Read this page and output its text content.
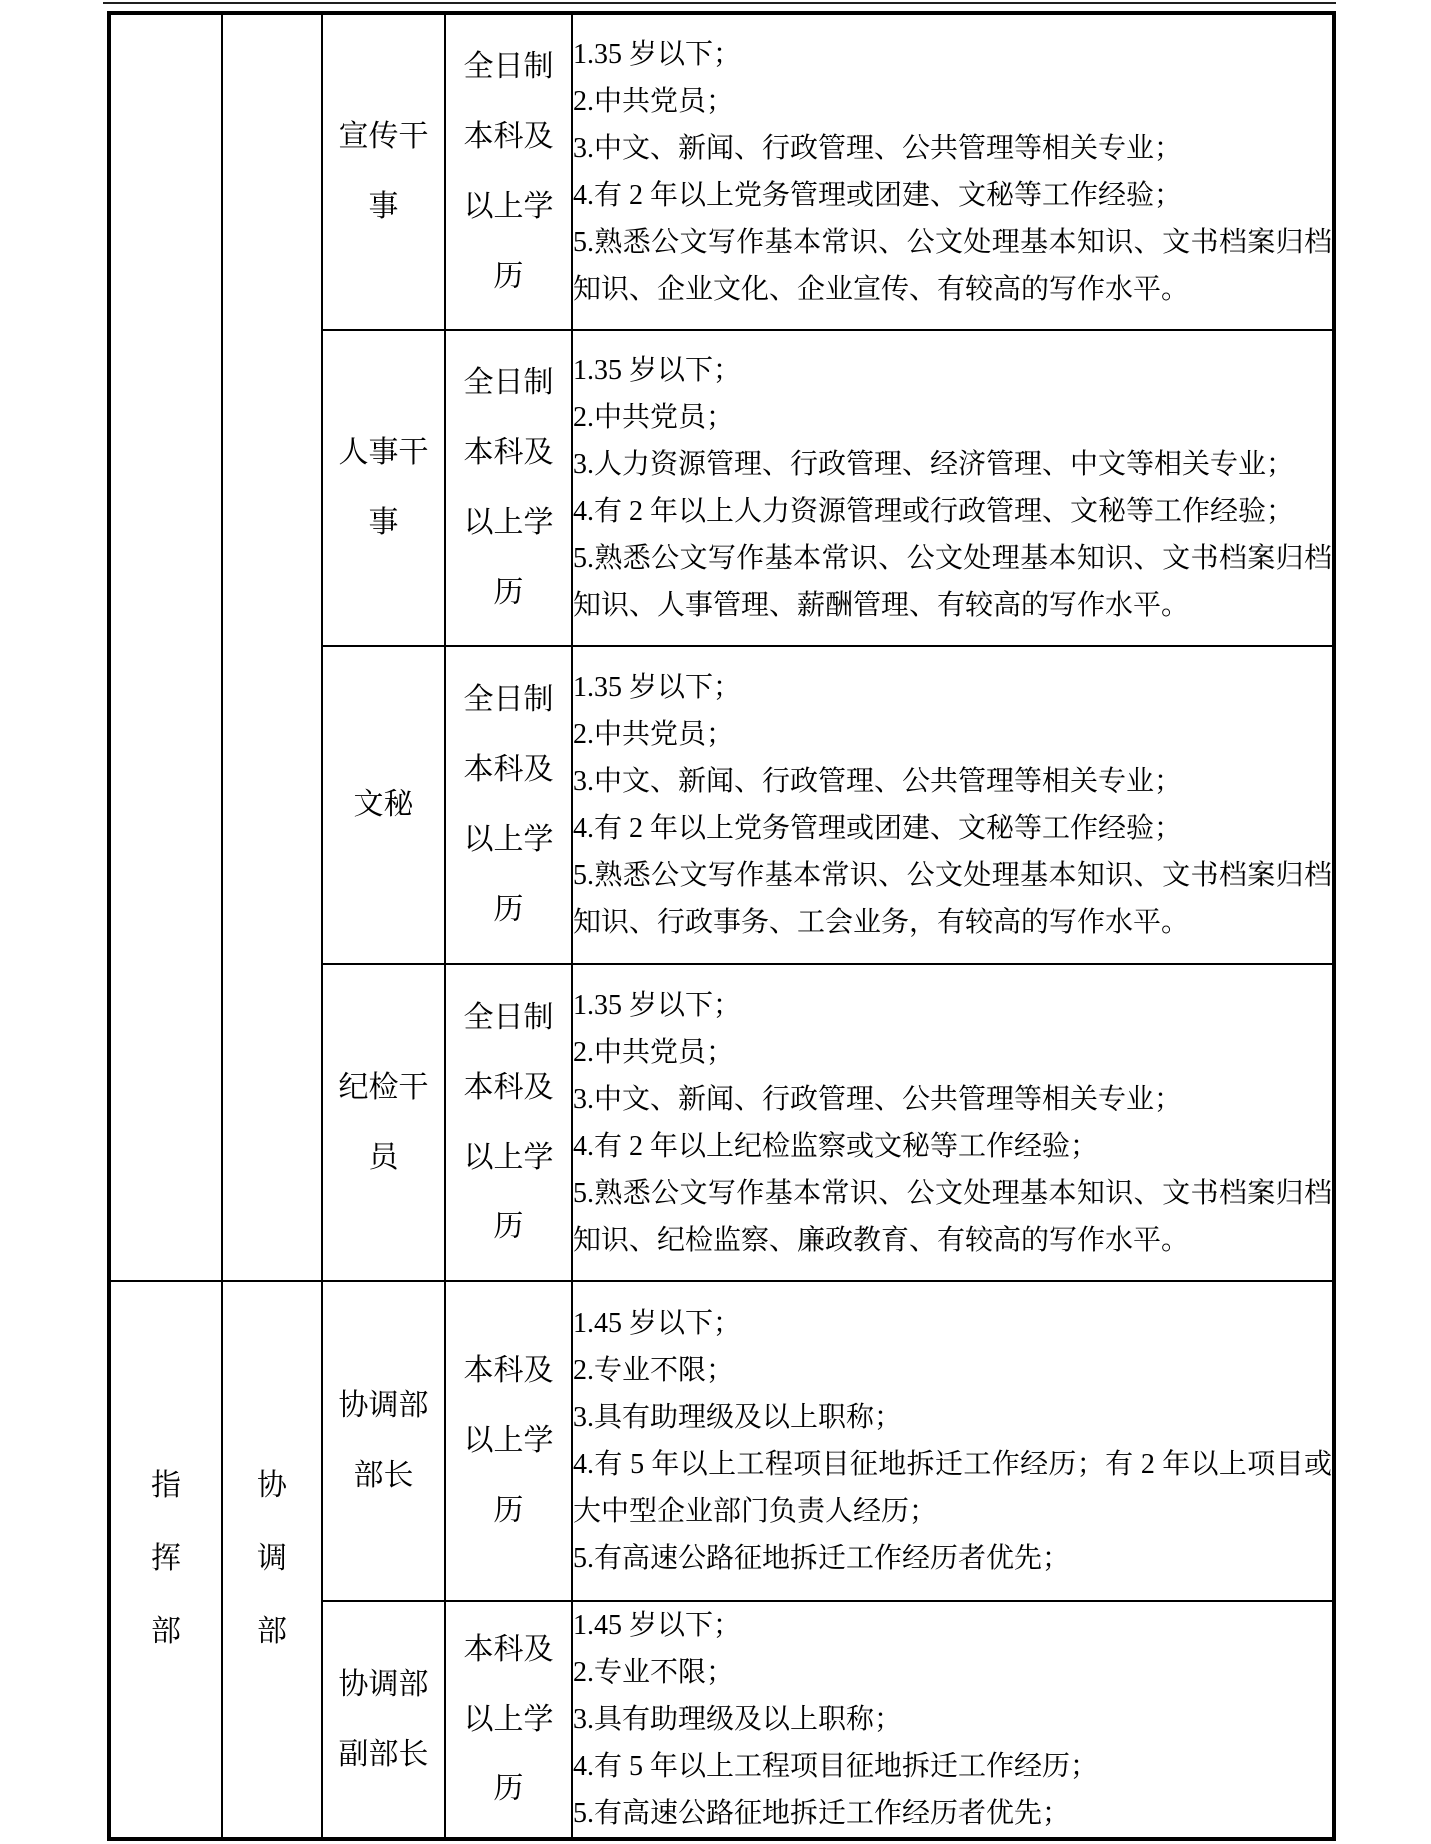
		宣传干事	全日制本科及以上学历	1.35 岁以下；

2.中共党员；

3.中文、新闻、行政管理、公共管理等相关专业；

4.有 2 年以上党务管理或团建、文秘等工作经验；

5.熟悉公文写作基本常识、公文处理基本知识、文书档案归档知识、企业文化、企业宣传、有较高的写作水平。

		人事干事	全日制本科及以上学历	1.35 岁以下；

2.中共党员；

3.人力资源管理、行政管理、经济管理、中文等相关专业；

4.有 2 年以上人力资源管理或行政管理、文秘等工作经验；

5.熟悉公文写作基本常识、公文处理基本知识、文书档案归档知识、人事管理、薪酬管理、有较高的写作水平。

		文秘	全日制本科及以上学历	1.35 岁以下；

2.中共党员；

3.中文、新闻、行政管理、公共管理等相关专业；

4.有 2 年以上党务管理或团建、文秘等工作经验；

5.熟悉公文写作基本常识、公文处理基本知识、文书档案归档知识、行政事务、工会业务，有较高的写作水平。

		纪检干员	全日制本科及以上学历	1.35 岁以下；

2.中共党员；

3.中文、新闻、行政管理、公共管理等相关专业；

4.有 2 年以上纪检监察或文秘等工作经验；

5.熟悉公文写作基本常识、公文处理基本知识、文书档案归档知识、纪检监察、廉政教育、有较高的写作水平。

指挥部	协调部	协调部部长	本科及以上学历	1.45 岁以下；

2.专业不限；

3.具有助理级及以上职称；

4.有 5 年以上工程项目征地拆迁工作经历；有 2 年以上项目或大中型企业部门负责人经历；

5.有高速公路征地拆迁工作经历者优先；

		协调部副部长	本科及以上学历	1.45 岁以下；

2.专业不限；

3.具有助理级及以上职称；

4.有 5 年以上工程项目征地拆迁工作经历；

5.有高速公路征地拆迁工作经历者优先；
